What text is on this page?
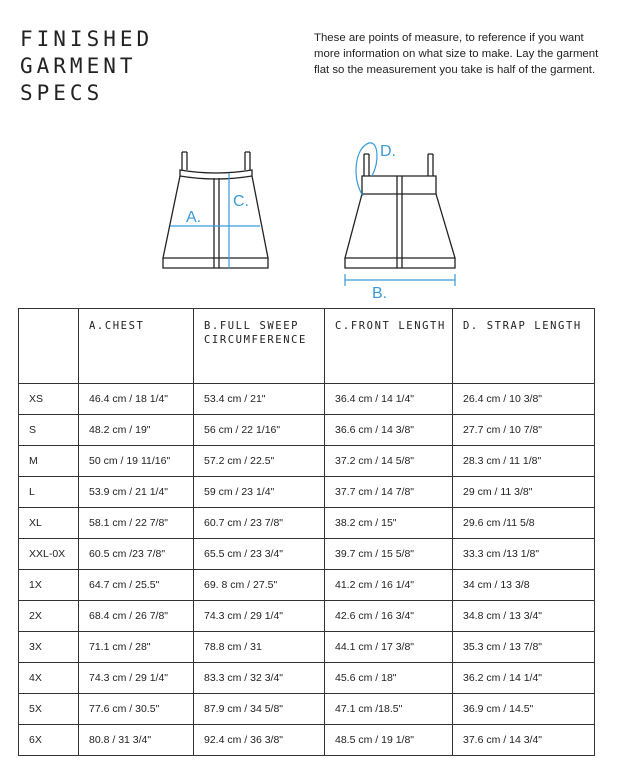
FINISHED
GARMENT
SPECS
These are points of measure, to reference if you want more information on what size to make. Lay the garment flat so the measurement you take is half of the garment.
A.
C.
D.
B.
	A.CHEST	B.FULL SWEEP CIRCUMFERENCE	C.FRONT LENGTH	D. STRAP LENGTH
XS	46.4 cm / 18 1/4"	53.4 cm / 21"	36.4 cm / 14 1/4"	26.4 cm / 10 3/8"
S	48.2 cm / 19"	56 cm / 22 1/16"	36.6 cm / 14 3/8"	27.7 cm / 10 7/8"
M	50 cm / 19 11/16"	57.2 cm / 22.5"	37.2 cm / 14 5/8"	28.3 cm / 11 1/8"
L	53.9 cm / 21 1/4"	59 cm / 23 1/4"	37.7 cm / 14 7/8"	29 cm / 11 3/8"
XL	58.1 cm / 22 7/8"	60.7 cm / 23 7/8"	38.2 cm / 15"	29.6 cm /11 5/8
XXL-0X	60.5 cm /23 7/8"	65.5 cm / 23 3/4"	39.7 cm / 15 5/8"	33.3 cm /13 1/8"
1X	64.7 cm / 25.5"	69. 8 cm / 27.5"	41.2 cm / 16 1/4"	34 cm / 13 3/8
2X	68.4 cm / 26 7/8"	74.3 cm / 29 1/4"	42.6 cm / 16 3/4"	34.8 cm / 13 3/4"
3X	71.1 cm / 28"	78.8 cm / 31	44.1 cm / 17 3/8"	35.3 cm / 13 7/8"
4X	74.3 cm / 29 1/4"	83.3 cm / 32 3/4"	45.6 cm / 18"	36.2 cm / 14 1/4"
5X	77.6 cm / 30.5"	87.9 cm / 34 5/8"	47.1 cm /18.5"	36.9 cm / 14.5"
6X	80.8 / 31 3/4"	92.4 cm / 36 3/8"	48.5 cm / 19 1/8"	37.6 cm / 14 3/4"
